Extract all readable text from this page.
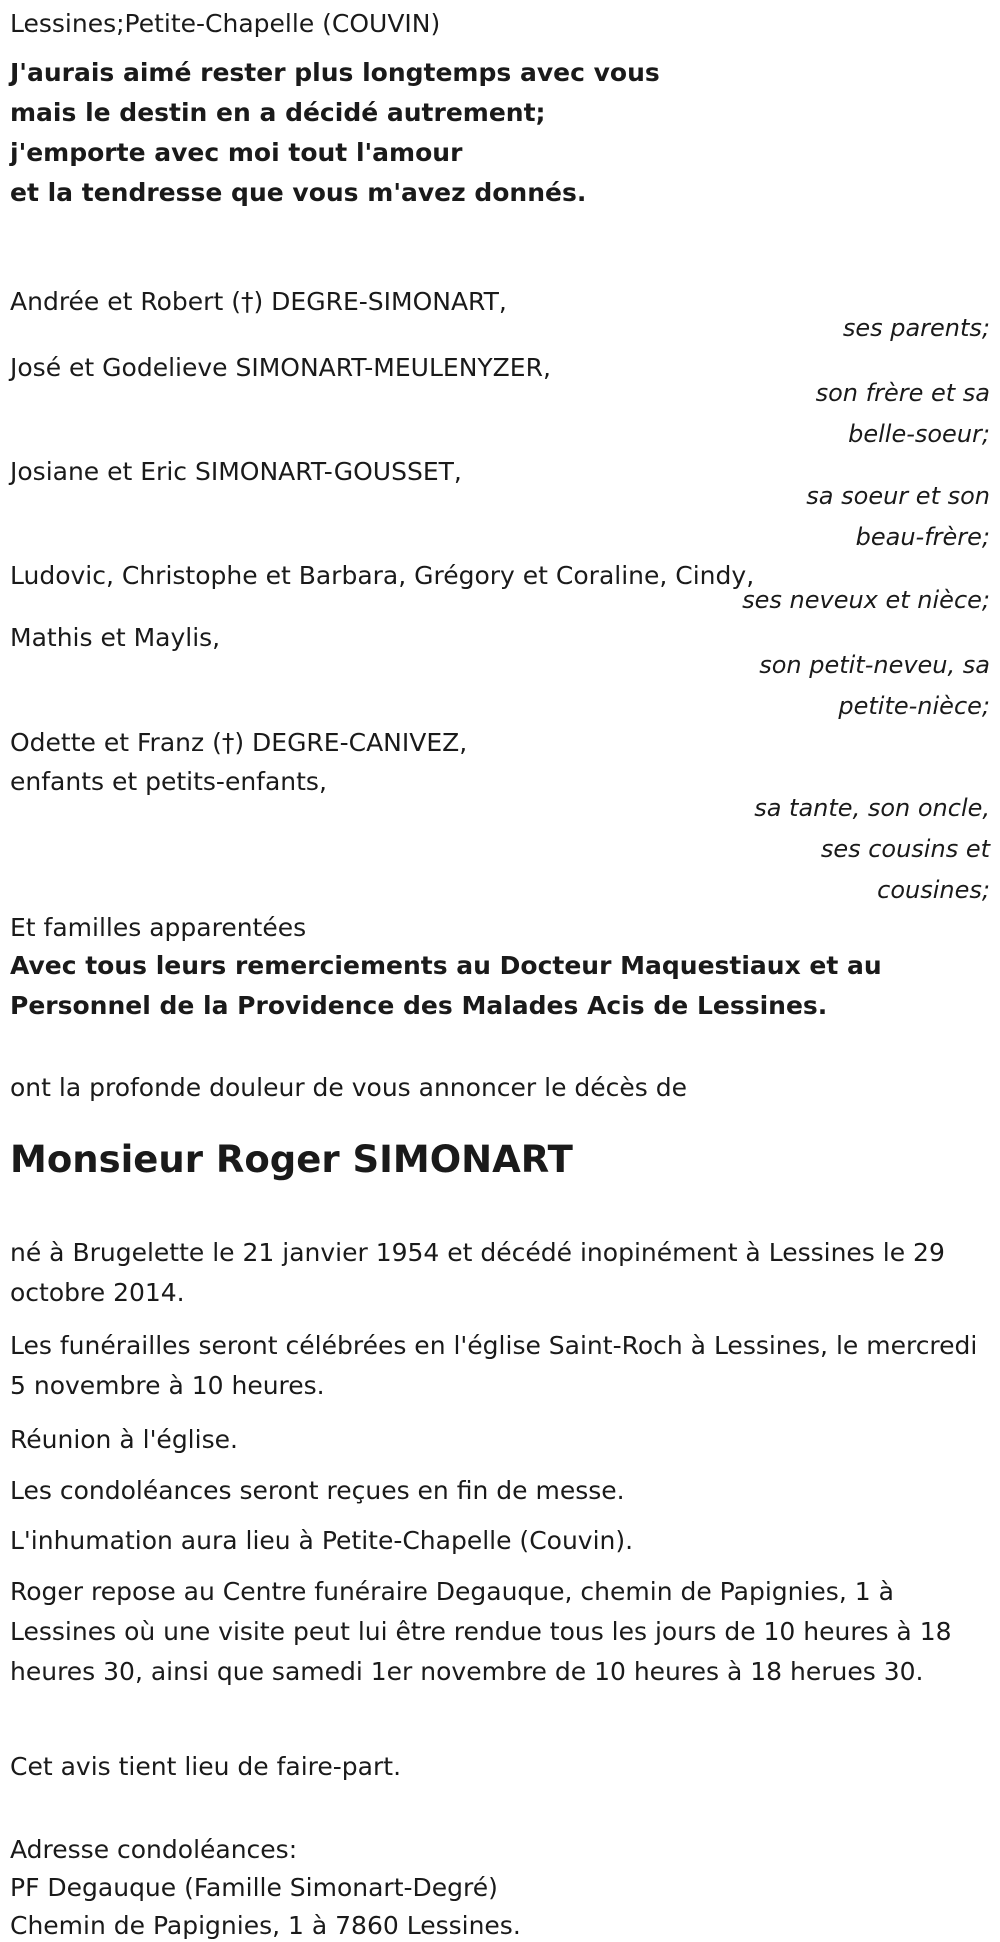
Lessines;Petite-Chapelle (COUVIN)
J'aurais aimé rester plus longtemps avec vous
mais le destin en a décidé autrement;
j'emporte avec moi tout l'amour
et la tendresse que vous m'avez donnés.
Andrée et Robert (†) DEGRE-SIMONART,
ses parents;
José et Godelieve SIMONART-MEULENYZER,
son frère et sa
belle-soeur;
Josiane et Eric SIMONART-GOUSSET,
sa soeur et son
beau-frère;
Ludovic, Christophe et Barbara, Grégory et Coraline, Cindy,
ses neveux et nièce;
Mathis et Maylis,
son petit-neveu, sa
petite-nièce;
Odette et Franz (†) DEGRE-CANIVEZ,
enfants et petits-enfants,
sa tante, son oncle,
ses cousins et
cousines;
Et familles apparentées
Avec tous leurs remerciements au Docteur Maquestiaux et au
Personnel de la Providence des Malades Acis de Lessines.
ont la profonde douleur de vous annoncer le décès de
Monsieur Roger SIMONART
né à Brugelette le 21 janvier 1954 et décédé inopinément à Lessines le 29 octobre 2014.
Les funérailles seront célébrées en l'église Saint-Roch à Lessines, le mercredi 5 novembre à 10 heures.
Réunion à l'église.
Les condoléances seront reçues en fin de messe.
L'inhumation aura lieu à Petite-Chapelle (Couvin).
Roger repose au Centre funéraire Degauque, chemin de Papignies, 1 à Lessines où une visite peut lui être rendue tous les jours de 10 heures à 18 heures 30, ainsi que samedi 1er novembre de 10 heures à 18 herues 30.
Cet avis tient lieu de faire-part.
Adresse condoléances:
PF Degauque (Famille Simonart-Degré)
Chemin de Papignies, 1 à 7860 Lessines.
